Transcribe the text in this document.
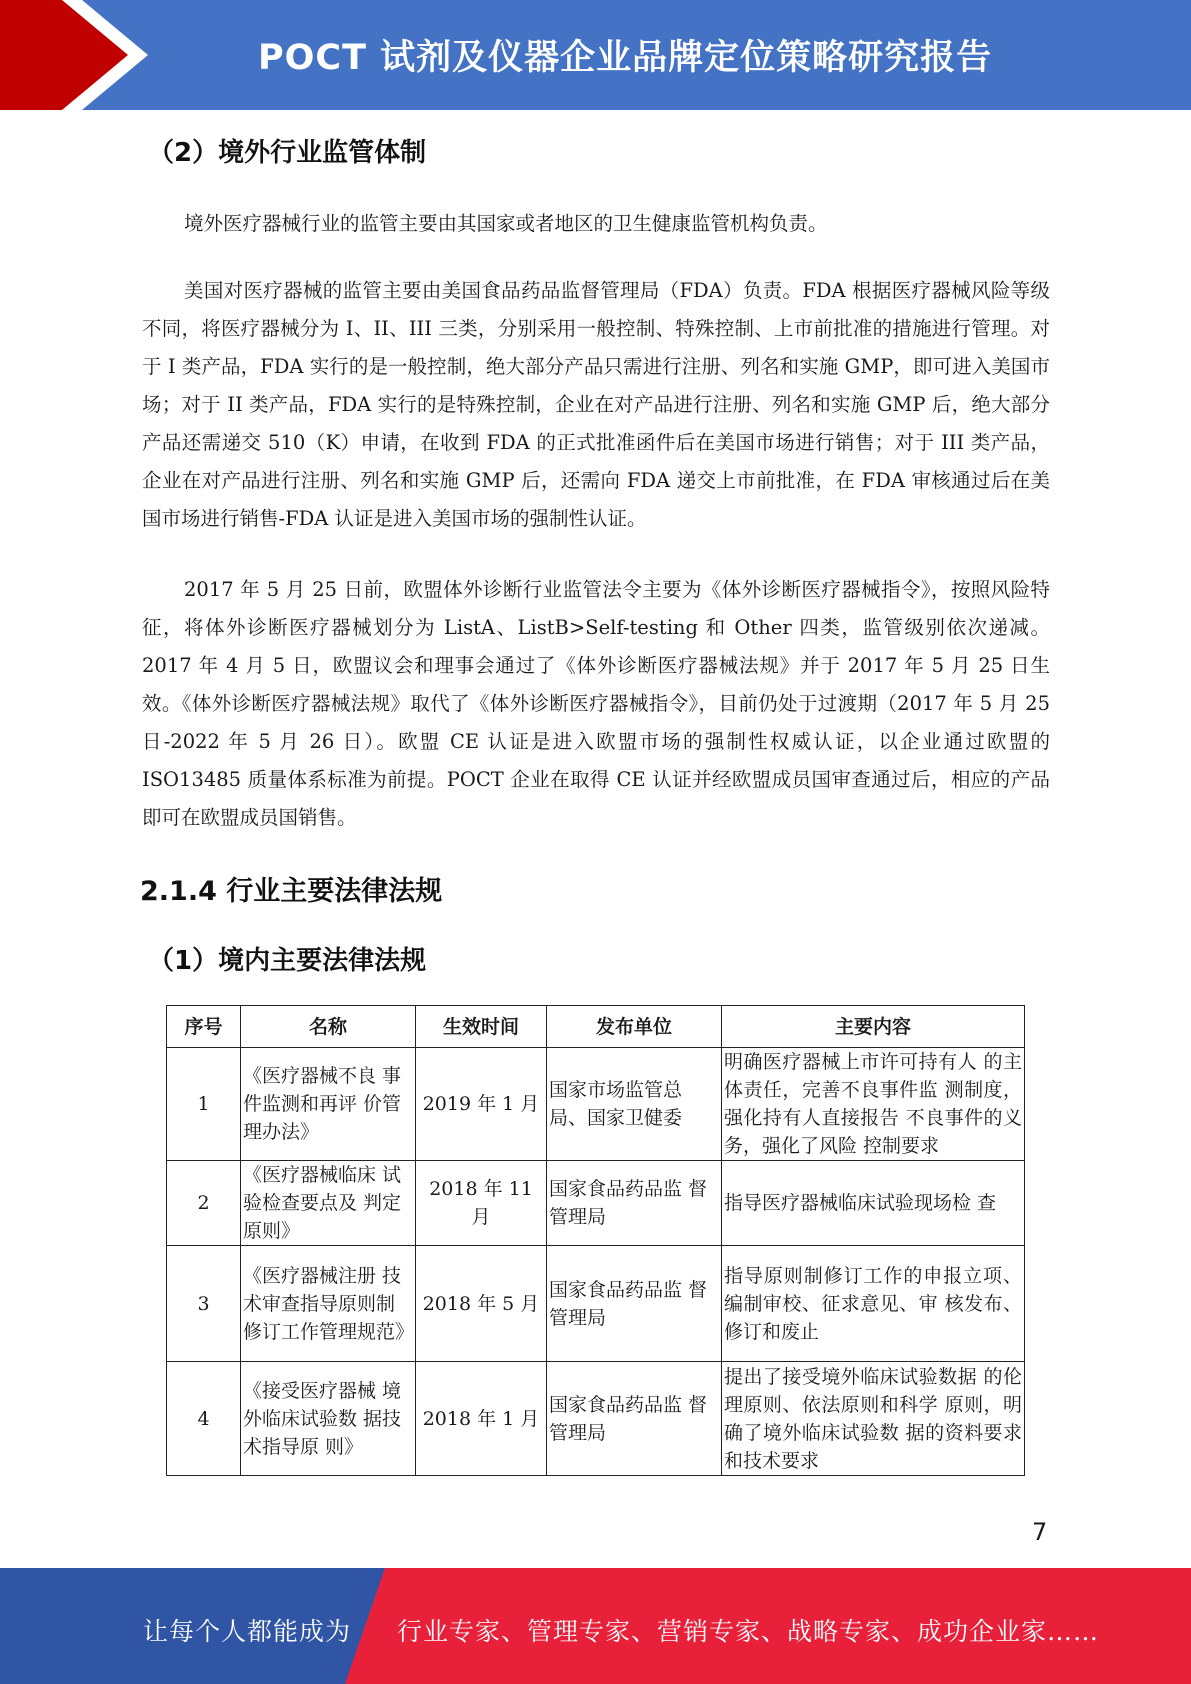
POCT 试剂及仪器企业品牌定位策略研究报告
（2）境外行业监管体制

境外医疗器械行业的监管主要由其国家或者地区的卫生健康监管机构负责。

美国对医疗器械的监管主要由美国食品药品监督管理局（FDA）负责。FDA 根据医疗器械风险等级不同，将医疗器械分为 I、II、III 三类，分别采用一般控制、特殊控制、上市前批准的措施进行管理。对于 I 类产品，FDA 实行的是一般控制，绝大部分产品只需进行注册、列名和实施 GMP，即可进入美国市场；对于 II 类产品，FDA 实行的是特殊控制，企业在对产品进行注册、列名和实施 GMP 后，绝大部分产品还需递交 510（K）申请，在收到 FDA 的正式批准函件后在美国市场进行销售；对于 III 类产品，企业在对产品进行注册、列名和实施 GMP 后，还需向 FDA 递交上市前批准，在 FDA 审核通过后在美国市场进行销售-FDA 认证是进入美国市场的强制性认证。

2017 年 5 月 25 日前，欧盟体外诊断行业监管法令主要为《体外诊断医疗器械指令》，按照风险特征，将体外诊断医疗器械划分为 ListA、ListB>Self-testing 和 Other 四类，监管级别依次递减。2017 年 4 月 5 日，欧盟议会和理事会通过了《体外诊断医疗器械法规》并于 2017 年 5 月 25 日生效。《体外诊断医疗器械法规》取代了《体外诊断医疗器械指令》，目前仍处于过渡期（2017 年 5 月 25 日-2022 年 5 月 26 日）。欧盟 CE 认证是进入欧盟市场的强制性权威认证，以企业通过欧盟的 ISO13485 质量体系标准为前提。POCT 企业在取得 CE 认证并经欧盟成员国审查通过后，相应的产品即可在欧盟成员国销售。

2.1.4 行业主要法律法规
（1）境内主要法律法规
序号	名称	生效时间	发布单位	主要内容
1	《医疗器械不良 事件监测和再评 价管理办法》	2019 年 1 月	国家市场监管总局、国家卫健委	明确医疗器械上市许可持有人 的主体责任，完善不良事件监 测制度，强化持有人直接报告 不良事件的义务，强化了风险 控制要求
2	《医疗器械临床 试验检查要点及 判定原则》	2018 年 11 月	国家食品药品监 督管理局	指导医疗器械临床试验现场检 查
3	《医疗器械注册 技术审查指导原则制修订工作管理规范》	2018 年 5 月	国家食品药品监 督管理局	指导原则制修订工作的申报立项、编制审校、征求意见、审 核发布、修订和废止
4	《接受医疗器械 境外临床试验数 据技术指导原 则》	2018 年 1 月	国家食品药品监 督管理局	提出了接受境外临床试验数据 的伦理原则、依法原则和科学 原则，明确了境外临床试验数 据的资料要求和技术要求
7
让每个人都能成为 行业专家、管理专家、营销专家、战略专家、成功企业家……
